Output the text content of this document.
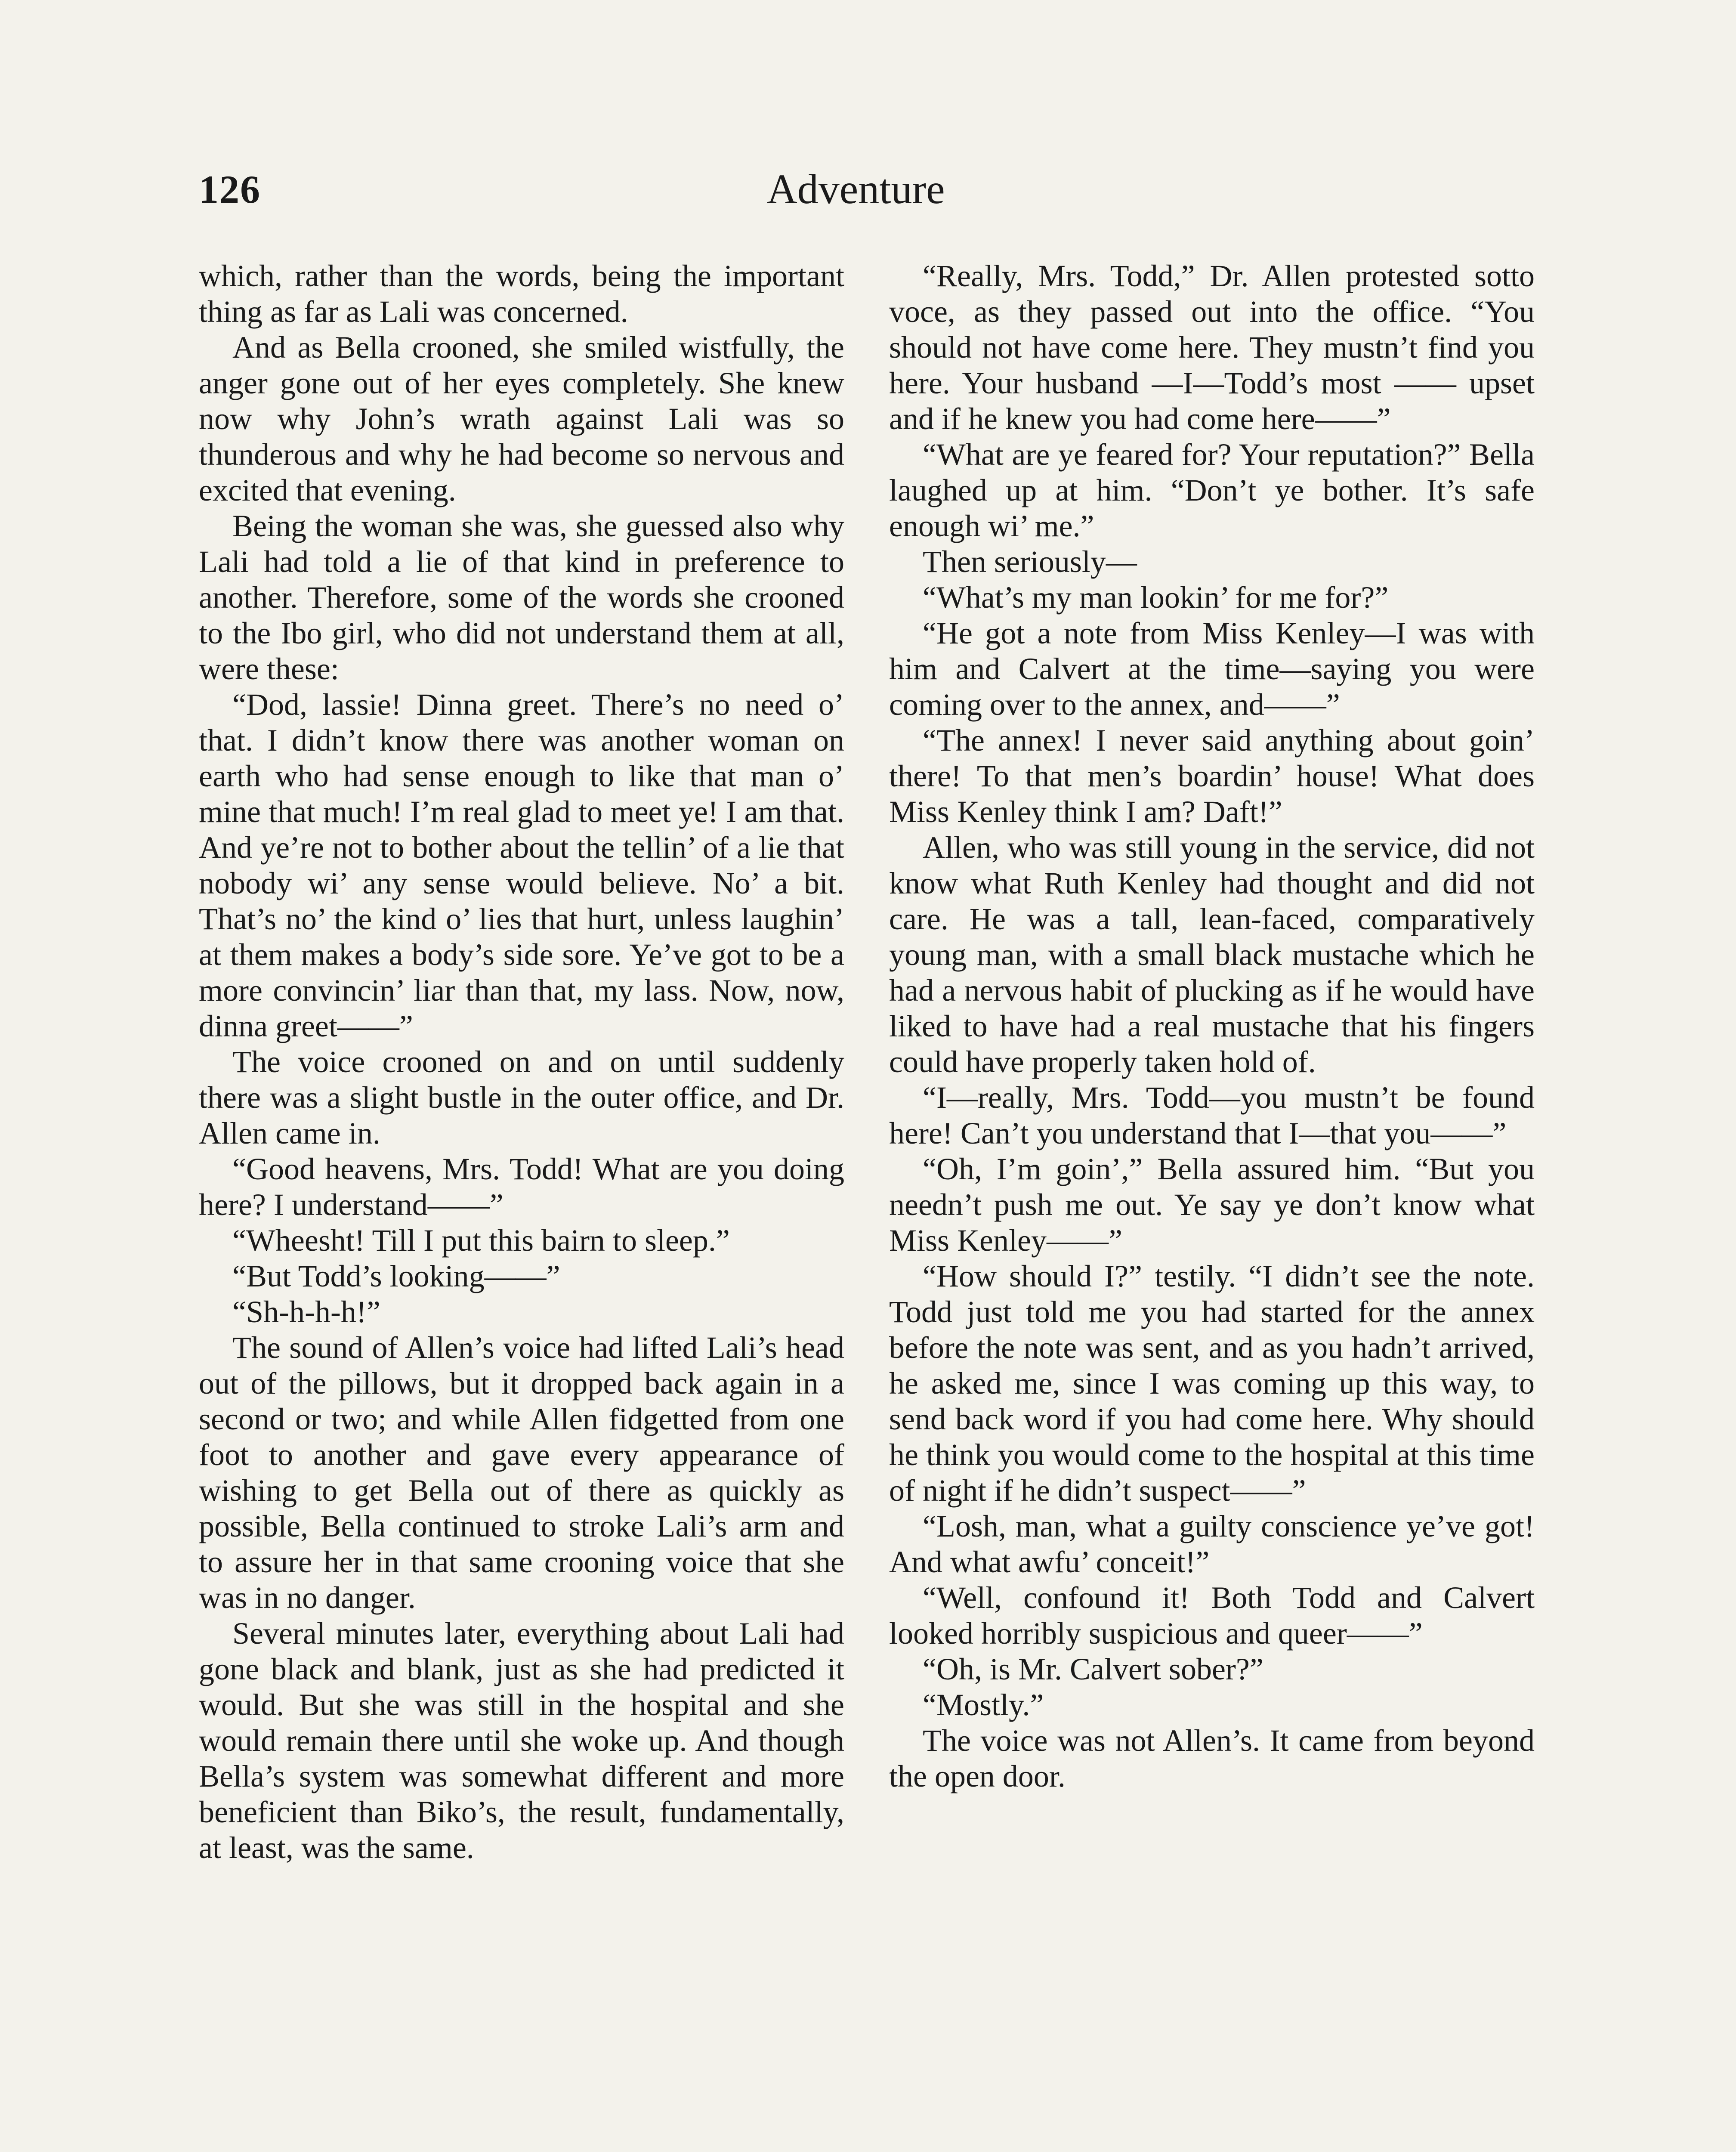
126	Adventure

which, rather than the words, being the important thing as far as Lali was concerned.

And as Bella crooned, she smiled wistfully, the anger gone out of her eyes completely. She knew now why John’s wrath against Lali was so thunderous and why he had become so nervous and excited that evening.

Being the woman she was, she guessed also why Lali had told a lie of that kind in preference to another. Therefore, some of the words she crooned to the Ibo girl, who did not understand them at all, were these:

“Dod, lassie! Dinna greet. There’s no need o’ that. I didn’t know there was another woman on earth who had sense enough to like that man o’ mine that much! I’m real glad to meet ye! I am that. And ye’re not to bother about the tellin’ of a lie that nobody wi’ any sense would believe. No’ a bit. That’s no’ the kind o’ lies that hurt, unless laughin’ at them makes a body’s side sore. Ye’ve got to be a more convincin’ liar than that, my lass. Now, now, dinna greet——”

The voice crooned on and on until suddenly there was a slight bustle in the outer office, and Dr. Allen came in.

“Good heavens, Mrs. Todd! What are you doing here? I understand——”

“Wheesht! Till I put this bairn to sleep.”

“But Todd’s looking——”

“Sh-h-h-h!”

The sound of Allen’s voice had lifted Lali’s head out of the pillows, but it dropped back again in a second or two; and while Allen fidgetted from one foot to another and gave every appearance of wishing to get Bella out of there as quickly as possible, Bella continued to stroke Lali’s arm and to assure her in that same crooning voice that she was in no danger.

Several minutes later, everything about Lali had gone black and blank, just as she had predicted it would. But she was still in the hospital and she would remain there until she woke up. And though Bella’s system was somewhat different and more beneficient than Biko’s, the result, fundamentally, at least, was the same.

“Really, Mrs. Todd,” Dr. Allen protested sotto voce, as they passed out into the office. “You should not have come here. They mustn’t find you here. Your husband —I—Todd’s most —— upset and if he knew you had come here——”

“What are ye feared for? Your reputation?” Bella laughed up at him. “Don’t ye bother. It’s safe enough wi’ me.”

Then seriously—

“What’s my man lookin’ for me for?”

“He got a note from Miss Kenley—I was with him and Calvert at the time—saying you were coming over to the annex, and——”

“The annex! I never said anything about goin’ there! To that men’s boardin’ house! What does Miss Kenley think I am? Daft!”

Allen, who was still young in the service, did not know what Ruth Kenley had thought and did not care. He was a tall, lean-faced, comparatively young man, with a small black mustache which he had a nervous habit of plucking as if he would have liked to have had a real mustache that his fingers could have properly taken hold of.

“I—really, Mrs. Todd—you mustn’t be found here! Can’t you understand that I—that you——”

“Oh, I’m goin’,” Bella assured him. “But you needn’t push me out. Ye say ye don’t know what Miss Kenley——”

“How should I?” testily. “I didn’t see the note. Todd just told me you had started for the annex before the note was sent, and as you hadn’t arrived, he asked me, since I was coming up this way, to send back word if you had come here. Why should he think you would come to the hospital at this time of night if he didn’t suspect——”

“Losh, man, what a guilty conscience ye’ve got! And what awfu’ conceit!”

“Well, confound it! Both Todd and Calvert looked horribly suspicious and queer——”

“Oh, is Mr. Calvert sober?”

“Mostly.”

The voice was not Allen’s. It came from beyond the open door.
